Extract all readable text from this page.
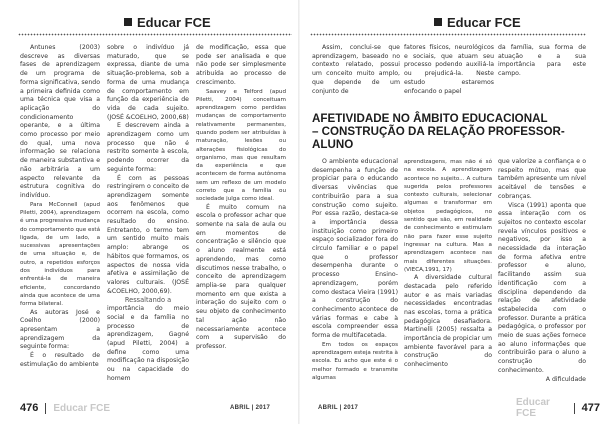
Educar FCE

Antunes (2003) descreve as diversas fases de aprendizagem de um programa de forma significativa, sendo a primeira definida como uma técnica que visa a aplicação do condicionamento operante, e a última como processo por meio do qual, uma nova informação se relaciona de maneira substantiva e não arbitrária a um aspecto relevante da estrutura cognitiva do indivíduo.

Para McConnell (apud Piletti, 2004), aprendizagem é uma progressiva mudança do comportamento que está ligada, de um lado, a sucessivas apresentações de uma situação e, de outro, a repetidos esforços dos indivíduos para enfrentá-la de maneira eficiente, concordando ainda que acontece de uma forma bilateral.

As autoras José e Coelho (2000) apresentam a aprendizagem da seguinte forma:

É o resultado de estimulação do ambiente

sobre o indivíduo já maturado, que se expressa, diante de uma situação-problema, sob a forma de uma mudança de comportamento em função da experiência de vida de cada sujeito. (JOSÉ &COELHO, 2000,68)

E descrevem ainda a aprendizagem como um processo que não é restrito somente à escola, podendo ocorrer da seguinte forma:

É com as pessoas restringirem o conceito de aprendizagem somente aos fenômenos que ocorrem na escola, como resultado do ensino. Entretanto, o termo tem um sentido muito mais amplo: abrange os hábitos que formamos, os aspectos de nossa vida afetiva e assimilação de valores culturais. (JOSÉ &COELHO, 2000,69).

Ressaltando a

importância do meio social e da família no processo de aprendizagem, Gagné (apud Piletti, 2004) a define como uma modificação na disposição ou na capacidade do homem

de modificação, essa que pode ser analisada e que não pode ser simplesmente atribuída ao processo de crescimento.

Saavey e Telford (apud Piletti, 2004) conceituam aprendizagem como perdidas mudanças de comportamento relativamente permanentes, quando podem ser atribuídas à maturação, lesões ou alterações fisiológicas do organismo, mas que resultam da experiência e que acontecem de forma autônoma sem um reflexo de um modelo correto que a família ou sociedade julga como ideal.

É muito comum na escola o professor achar que somente na sala de aula ou em momentos de concentração e silêncio que o aluno realmente está aprendendo, mas como discutimos nesse trabalho, o conceito de aprendizagem amplia-se para qualquer momento em que exista a interação do sujeito com o seu objeto de conhecimento tal ação não necessariamente acontece com a supervisão do professor.

476 Educar FCE	ABRIL | 2017
Educar FCE

Assim, conclui-se que aprendizagem, baseado no contexto relatado, possui um conceito muito amplo, que depende de um conjunto de

fatores físicos, neurológicos e sociais, que atuam seu processo podendo auxiliá-la ou prejudicá-la. Neste estudo estaremos enfocando o papel

da família, sua forma de atuação e a sua importância para este campo.

AFETIVIDADE NO ÂMBITO EDUCACIONAL
– CONSTRUÇÃO DA RELAÇÃO PROFESSOR-
ALUNO

O ambiente educacional desempenha a função de propiciar para o educando diversas vivências que contribuirão para a sua construção como sujeito. Por essa razão, destaca-se a importância dessa instituição como primeiro espaço socializador fora do círculo familiar e o papel que o professor desempenha durante o processo Ensino-aprendizagem, porém como destaca Vieira (1991) a construção do conhecimento acontece de várias formas e cabe à escola compreender essa forma de multifacetada.

Em todos os espaços aprendizagem esteja restrita à escola. Eu acho que este é o melhor formado e transmite algumas

aprendizagens, mas não é só na escola. A aprendizagem acontece no sujeito... A cultura sugerida pelos professores contexto culturais, selecionar algumas e transformar em objetos pedagógicos, no sentido que são, em realidade de conhecimento e estimulam não para fazer esse sujeito ingressar na cultura. Mas a aprendizagem acontece nas mais diferentes situações. (VIECA,1991, 17)

A diversidade cultural destacada pelo referido autor e as mais variadas necessidades encontradas nas escolas, torna a prática pedagógica desafiadora. Martinelli (2005) ressalta a importância de propiciar um ambiente favorável para a construção do conhecimento

que valorize a confiança e o respeito mútuo, mas que também apresente um nível aceitável de tensões e cobranças.

Visca (1991) aponta que essa interação com os sujeitos no contexto escolar revela vínculos positivos e negativos, por isso a necessidade da interação de forma afetiva entre professor e aluno, facilitando assim sua identificação com a disciplina dependendo da relação de afetividade estabelecida com o professor. Durante a prática pedagógica, o professor por meio de suas ações fornece ao aluno informações que contribuirão para o aluno a construção do conhecimento.

A dificuldade

ABRIL | 2017	Educar FCE	477
